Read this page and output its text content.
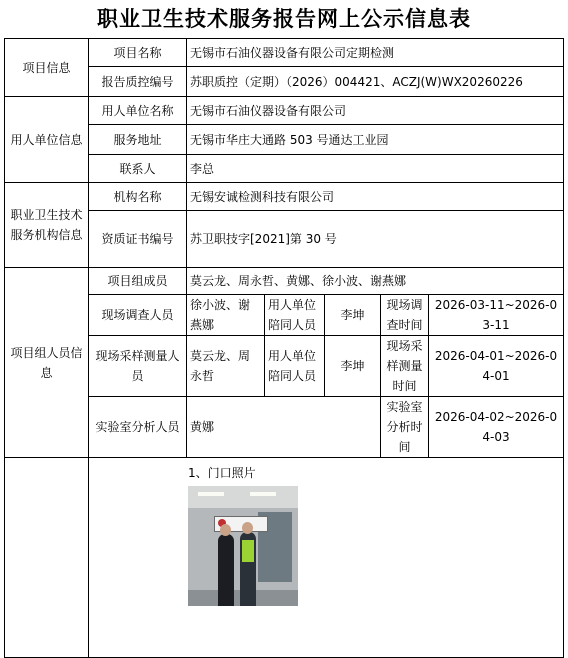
职业卫生技术服务报告网上公示信息表
项目信息	项目名称	无锡市石油仪器设备有限公司定期检测				
	报告质控编号	苏职质控（定期）（2026）004421、ACZJ(W)WX20260226				
用人单位信息	用人单位名称	无锡市石油仪器设备有限公司				
	服务地址	无锡市华庄大通路 503 号通达工业园				
	联系人	李总				
职业卫生技术服务机构信息	机构名称	无锡安诚检测科技有限公司				
	资质证书编号	苏卫职技字[2021]第 30 号				
项目组人员信息	项目组成员	莫云龙、周永哲、黄娜、徐小波、谢燕娜				
	现场调查人员	徐小波、谢燕娜	用人单位陪同人员	李坤	现场调查时间	2026-03-11~2026-03-11
	现场采样测量人员	莫云龙、周永哲	用人单位陪同人员	李坤	现场采样测量时间	2026-04-01~2026-04-01
	实验室分析人员	黄娜			实验室分析时间	2026-04-02~2026-04-03

	1、门口照片					
